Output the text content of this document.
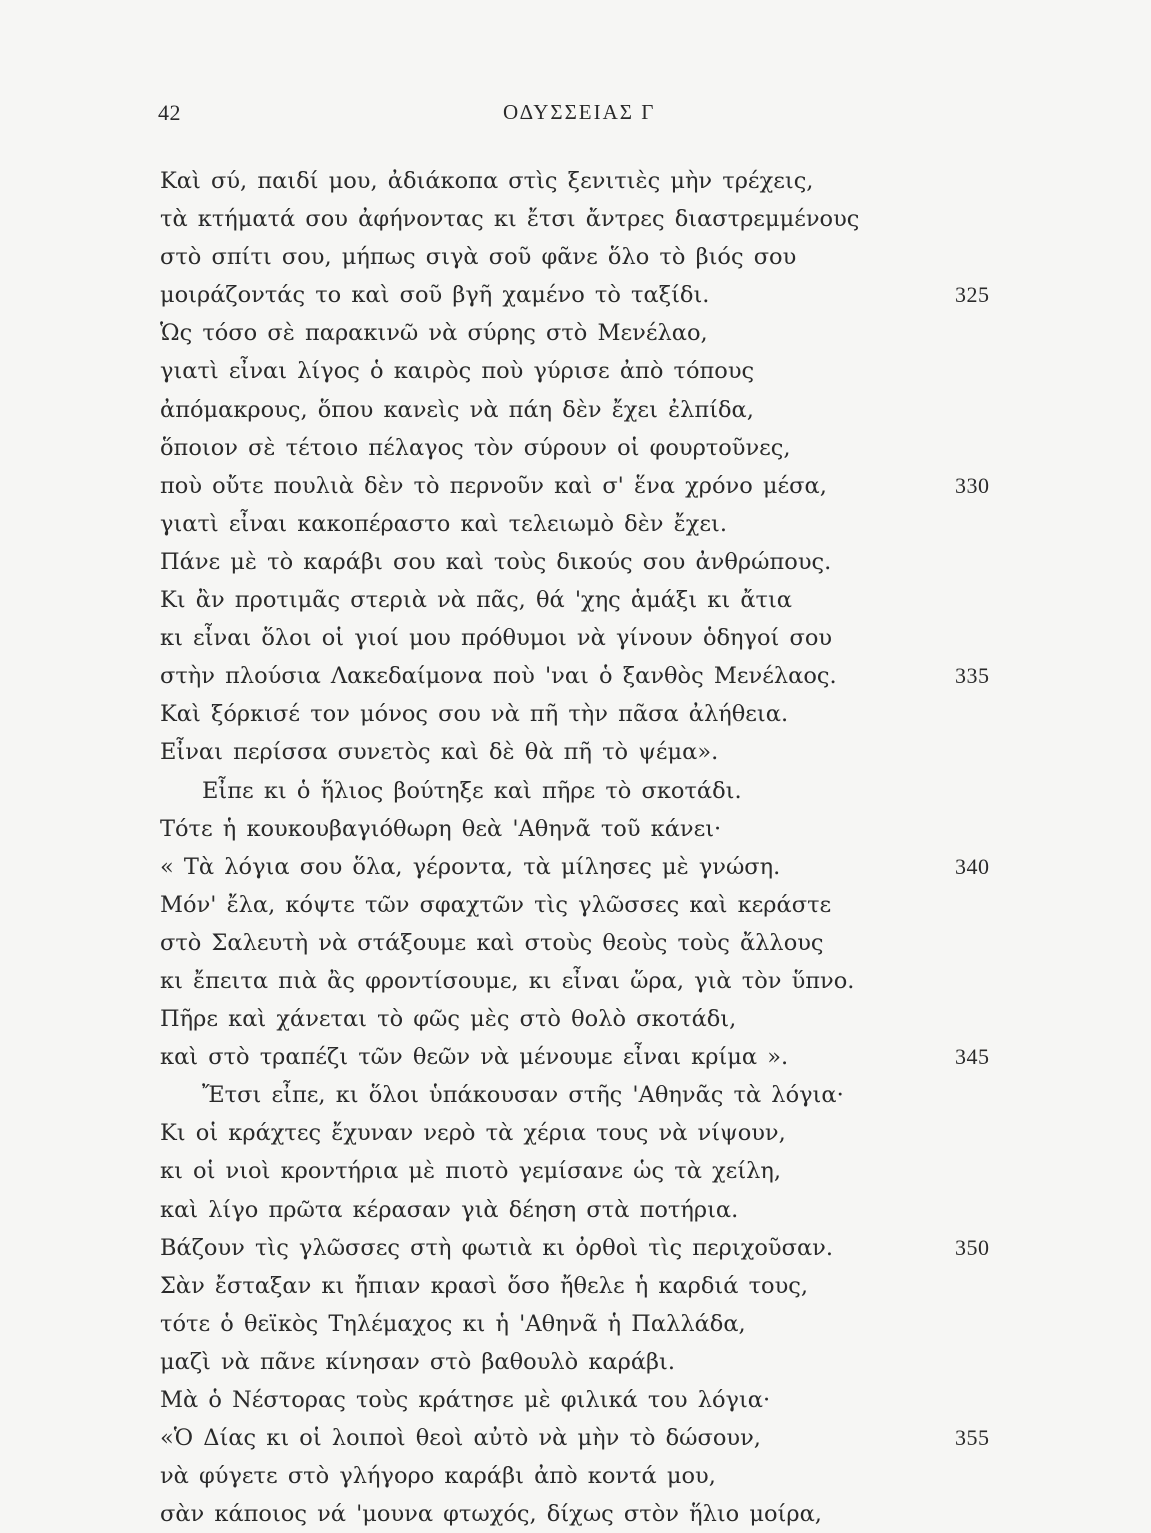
42	ΟΔΥΣΣΕΙΑΣ Γ
Καὶ σύ, παιδί μου, ἀδιάκοπα στὶς ξενιτιὲς μὴν τρέχεις,
τὰ κτήματά σου ἀφήνοντας κι ἔτσι ἄντρες διαστρεμμένους
στὸ σπίτι σου, μήπως σιγὰ σοῦ φᾶνε ὅλο τὸ βιός σου
μοιράζοντάς το καὶ σοῦ βγῆ χαμένο τὸ ταξίδι.	325
Ὡς τόσο σὲ παρακινῶ νὰ σύρης στὸ Μενέλαο,
γιατὶ εἶναι λίγος ὁ καιρὸς ποὺ γύρισε ἀπὸ τόπους
ἀπόμακρους, ὅπου κανεὶς νὰ πάη δὲν ἔχει ἐλπίδα,
ὅποιον σὲ τέτοιο πέλαγος τὸν σύρουν οἱ φουρτοῦνες,
ποὺ οὔτε πουλιὰ δὲν τὸ περνοῦν καὶ σ' ἕνα χρόνο μέσα,	330
γιατὶ εἶναι κακοπέραστο καὶ τελειωμὸ δὲν ἔχει.
Πάνε μὲ τὸ καράβι σου καὶ τοὺς δικούς σου ἀνθρώπους.
Κι ἂν προτιμᾶς στεριὰ νὰ πᾶς, θά 'χης ἁμάξι κι ἄτια
κι εἶναι ὅλοι οἱ γιοί μου πρόθυμοι νὰ γίνουν ὁδηγοί σου
στὴν πλούσια Λακεδαίμονα ποὺ 'ναι ὁ ξανθὸς Μενέλαος.	335
Καὶ ξόρκισέ τον μόνος σου νὰ πῆ τὴν πᾶσα ἀλήθεια.
Εἶναι περίσσα συνετὸς καὶ δὲ θὰ πῆ τὸ ψέμα».
Εἶπε κι ὁ ἥλιος βούτηξε καὶ πῆρε τὸ σκοτάδι.
Τότε ἡ κουκουβαγιόθωρη θεὰ 'Αθηνᾶ τοῦ κάνει·
« Τὰ λόγια σου ὅλα, γέροντα, τὰ μίλησες μὲ γνώση.	340
Μόν' ἔλα, κόψτε τῶν σφαχτῶν τὶς γλῶσσες καὶ κεράστε
στὸ Σαλευτὴ νὰ στάξουμε καὶ στοὺς θεοὺς τοὺς ἄλλους
κι ἔπειτα πιὰ ἂς φροντίσουμε, κι εἶναι ὥρα, γιὰ τὸν ὕπνο.
Πῆρε καὶ χάνεται τὸ φῶς μὲς στὸ θολὸ σκοτάδι,
καὶ στὸ τραπέζι τῶν θεῶν νὰ μένουμε εἶναι κρίμα ».	345
Ἔτσι εἶπε, κι ὅλοι ὑπάκουσαν στῆς 'Αθηνᾶς τὰ λόγια·
Κι οἱ κράχτες ἔχυναν νερὸ τὰ χέρια τους νὰ νίψουν,
κι οἱ νιοὶ κροντήρια μὲ πιοτὸ γεμίσανε ὡς τὰ χείλη,
καὶ λίγο πρῶτα κέρασαν γιὰ δέηση στὰ ποτήρια.
Βάζουν τὶς γλῶσσες στὴ φωτιὰ κι ὀρθοὶ τὶς περιχοῦσαν.	350
Σὰν ἔσταξαν κι ἤπιαν κρασὶ ὅσο ἤθελε ἡ καρδιά τους,
τότε ὁ θεϊκὸς Τηλέμαχος κι ἡ 'Αθηνᾶ ἡ Παλλάδα,
μαζὶ νὰ πᾶνε κίνησαν στὸ βαθουλὸ καράβι.
Μὰ ὁ Νέστορας τοὺς κράτησε μὲ φιλικά του λόγια·
«Ὁ Δίας κι οἱ λοιποὶ θεοὶ αὐτὸ νὰ μὴν τὸ δώσουν,	355
νὰ φύγετε στὸ γλήγορο καράβι ἀπὸ κοντά μου,
σὰν κάποιος νά 'μουνα φτωχός, δίχως στὸν ἥλιο μοίρα,
